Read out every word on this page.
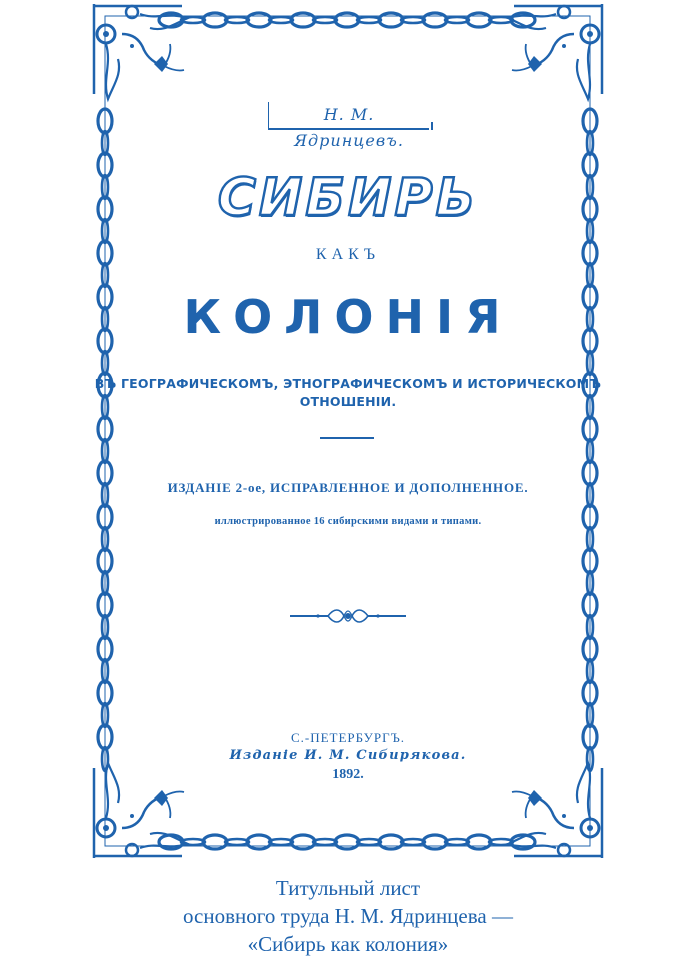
Н. М. Ядринцевъ.
СИБИРЬ
КАКЪ
КОЛОНІЯ
ВЪ ГЕОГРАФИЧЕСКОМЪ, ЭТНОГРАФИЧЕСКОМЪ И ИСТОРИЧЕСКОМЪ
ОТНОШЕНІИ.
ИЗДАНІЕ 2-ое, ИСПРАВЛЕННОЕ И ДОПОЛНЕННОЕ.
иллюстрированное 16 сибирскими видами и типами.
С.-ПЕТЕРБУРГЪ.
Изданіе И. М. Сибирякова.
1892.
Титульный лист
основного труда Н. М. Ядринцева —
«Сибирь как колония»
